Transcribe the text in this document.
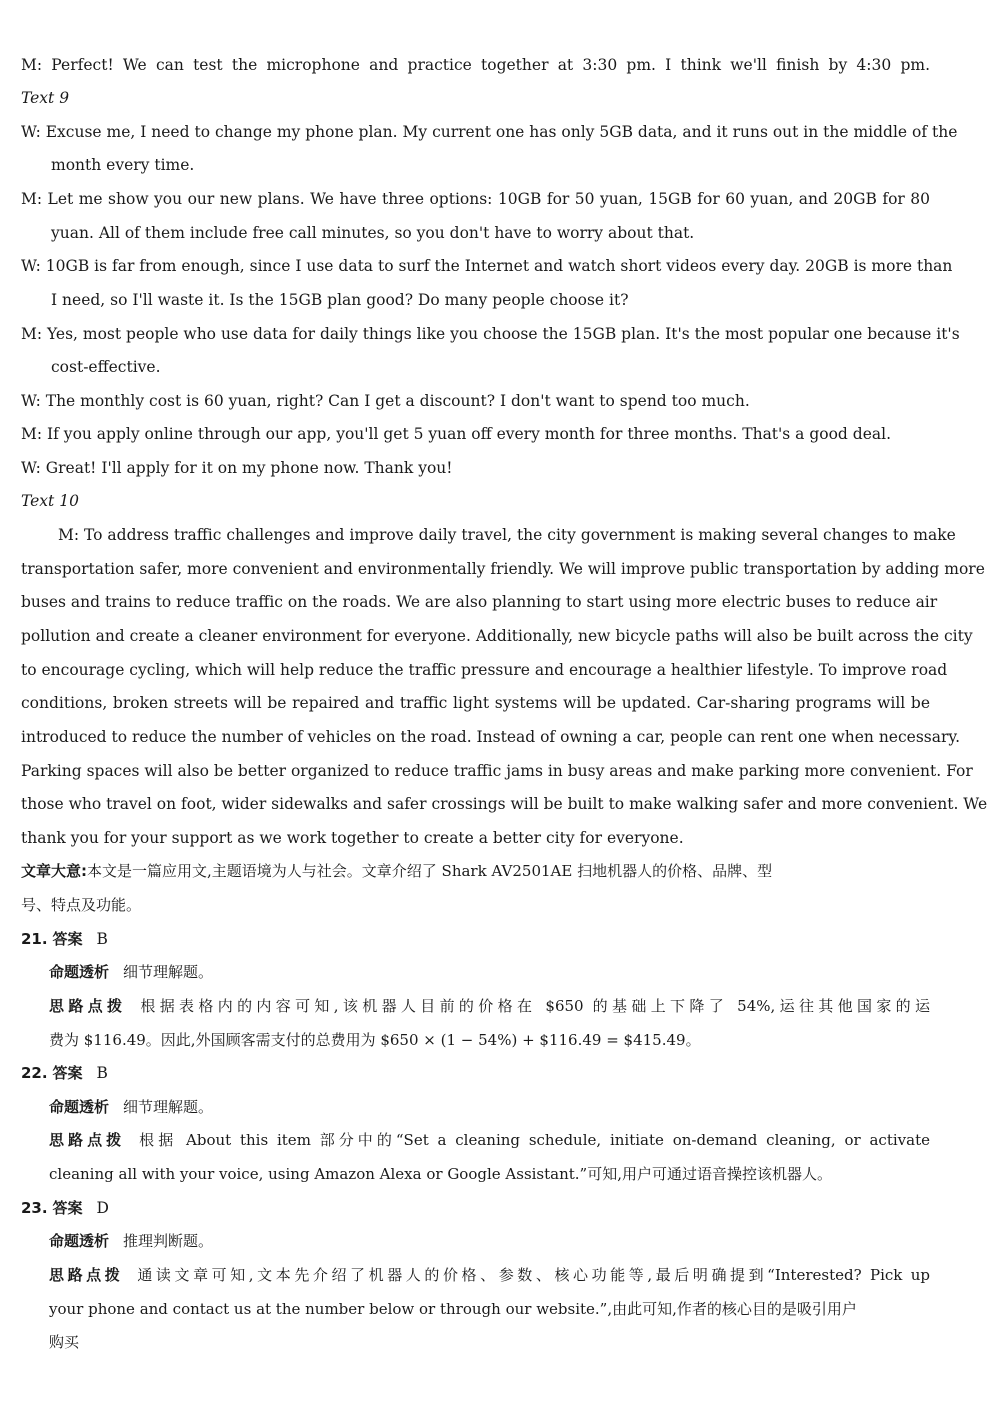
M: Perfect! We can test the microphone and practice together at 3:30 pm. I think we'll finish by 4:30 pm.
Text 9
W: Excuse me, I need to change my phone plan. My current one has only 5GB data, and it runs out in the middle of the
month every time.
M: Let me show you our new plans. We have three options: 10GB for 50 yuan, 15GB for 60 yuan, and 20GB for 80
yuan. All of them include free call minutes, so you don't have to worry about that.
W: 10GB is far from enough, since I use data to surf the Internet and watch short videos every day. 20GB is more than
I need, so I'll waste it. Is the 15GB plan good? Do many people choose it?
M: Yes, most people who use data for daily things like you choose the 15GB plan. It's the most popular one because it's
cost-effective.
W: The monthly cost is 60 yuan, right? Can I get a discount? I don't want to spend too much.
M: If you apply online through our app, you'll get 5 yuan off every month for three months. That's a good deal.
W: Great! I'll apply for it on my phone now. Thank you!
Text 10
M: To address traffic challenges and improve daily travel, the city government is making several changes to make
transportation safer, more convenient and environmentally friendly. We will improve public transportation by adding more
buses and trains to reduce traffic on the roads. We are also planning to start using more electric buses to reduce air
pollution and create a cleaner environment for everyone. Additionally, new bicycle paths will also be built across the city
to encourage cycling, which will help reduce the traffic pressure and encourage a healthier lifestyle. To improve road
conditions, broken streets will be repaired and traffic light systems will be updated. Car-sharing programs will be
introduced to reduce the number of vehicles on the road. Instead of owning a car, people can rent one when necessary.
Parking spaces will also be better organized to reduce traffic jams in busy areas and make parking more convenient. For
those who travel on foot, wider sidewalks and safer crossings will be built to make walking safer and more convenient. We
thank you for your support as we work together to create a better city for everyone.
文章大意:本文是一篇应用文,主题语境为人与社会。文章介绍了 Shark AV2501AE 扫地机器人的价格、品牌、型
号、特点及功能。
21. 答案 B
命题透析 细节理解题。
思路点拨 根据表格内的内容可知,该机器人目前的价格在 $650 的基础上下降了 54%,运往其他国家的运
费为 $116.49。因此,外国顾客需支付的总费用为 $650 × (1 − 54%) + $116.49 = $415.49。
22. 答案 B
命题透析 细节理解题。
思路点拨 根据 About this item 部分中的“Set a cleaning schedule, initiate on-demand cleaning, or activate
cleaning all with your voice, using Amazon Alexa or Google Assistant.”可知,用户可通过语音操控该机器人。
23. 答案 D
命题透析 推理判断题。
思路点拨 通读文章可知,文本先介绍了机器人的价格、参数、核心功能等,最后明确提到“Interested? Pick up
your phone and contact us at the number below or through our website.”,由此可知,作者的核心目的是吸引用户
购买
